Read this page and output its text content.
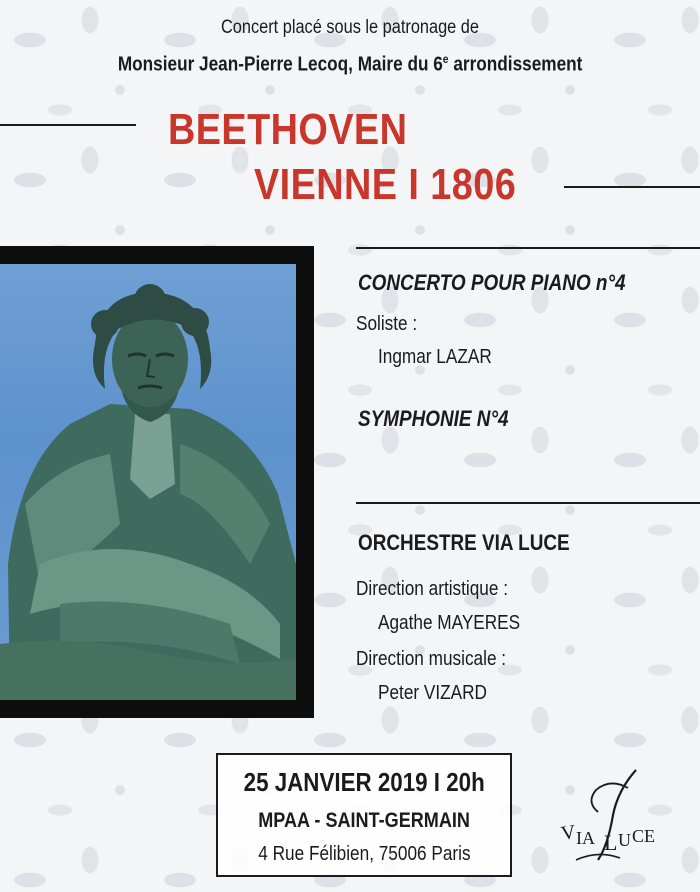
Concert placé sous le patronage de
Monsieur Jean-Pierre Lecoq, Maire du 6e arrondissement
BEETHOVEN
VIENNE I 1806
CONCERTO POUR PIANO n°4
Soliste :
Ingmar LAZAR
SYMPHONIE N°4
ORCHESTRE VIA LUCE
Direction artistique :
Agathe MAYERES
Direction musicale :
Peter VIZARD
25 JANVIER 2019 I 20h
MPAA - SAINT-GERMAIN
4 Rue Félibien, 75006 Paris
V
IA L U CE
